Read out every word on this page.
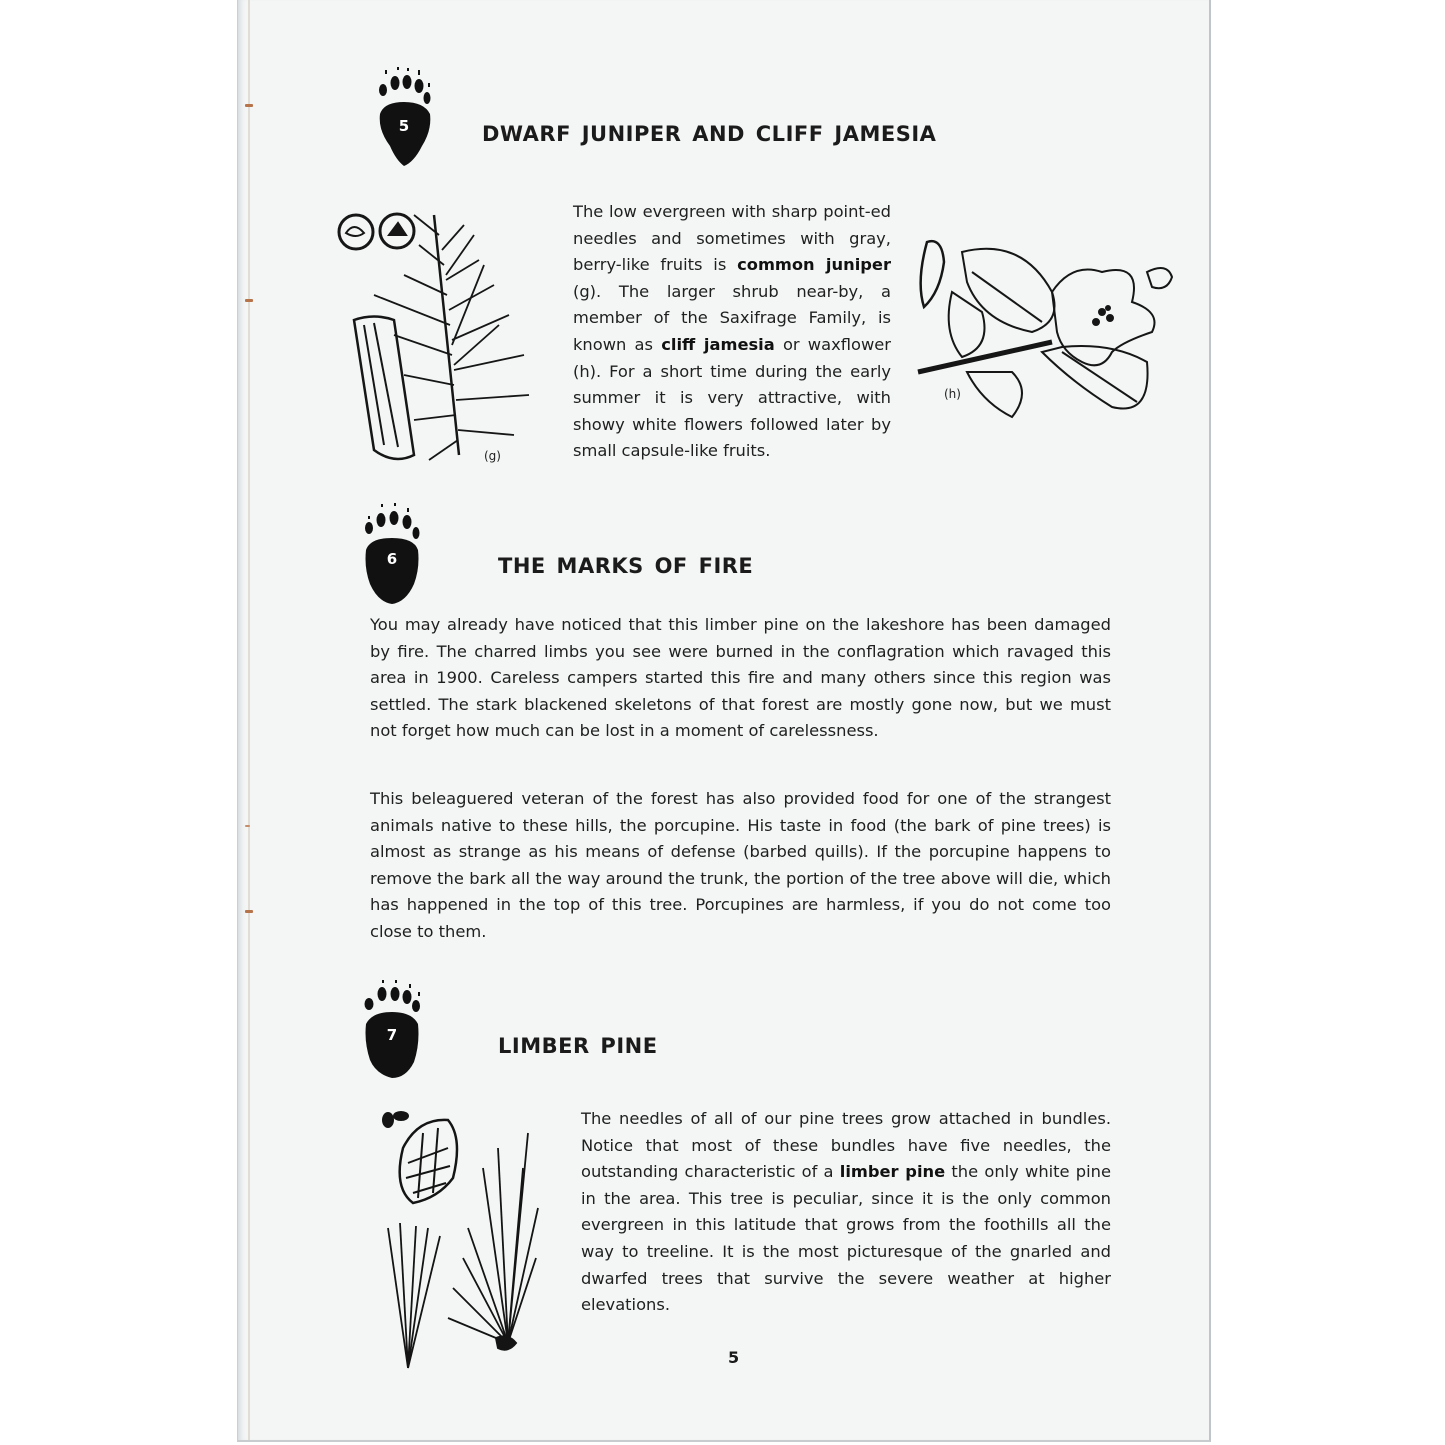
5	DWARF JUNIPER AND CLIFF JAMESIA
(g)

The low evergreen with sharp point-ed needles and sometimes with gray, berry-like fruits is common juniper (g). The larger shrub near-by, a member of the Saxifrage Family, is known as cliff jamesia or waxflower (h). For a short time during the early summer it is very attractive, with showy white flowers followed later by small capsule-like fruits.

(h)
6	THE MARKS OF FIRE

You may already have noticed that this limber pine on the lakeshore has been damaged by fire. The charred limbs you see were burned in the conflagration which ravaged this area in 1900. Careless campers started this fire and many others since this region was settled. The stark blackened skeletons of that forest are mostly gone now, but we must not forget how much can be lost in a moment of carelessness.

This beleaguered veteran of the forest has also provided food for one of the strangest animals native to these hills, the porcupine. His taste in food (the bark of pine trees) is almost as strange as his means of defense (barbed quills). If the porcupine happens to remove the bark all the way around the trunk, the portion of the tree above will die, which has happened in the top of this tree. Porcupines are harmless, if you do not come too close to them.

7	LIMBER PINE

The needles of all of our pine trees grow attached in bundles. Notice that most of these bundles have five needles, the outstanding characteristic of a limber pine the only white pine in the area. This tree is peculiar, since it is the only common evergreen in this latitude that grows from the foothills all the way to treeline. It is the most picturesque of the gnarled and dwarfed trees that survive the severe weather at higher elevations.

5
